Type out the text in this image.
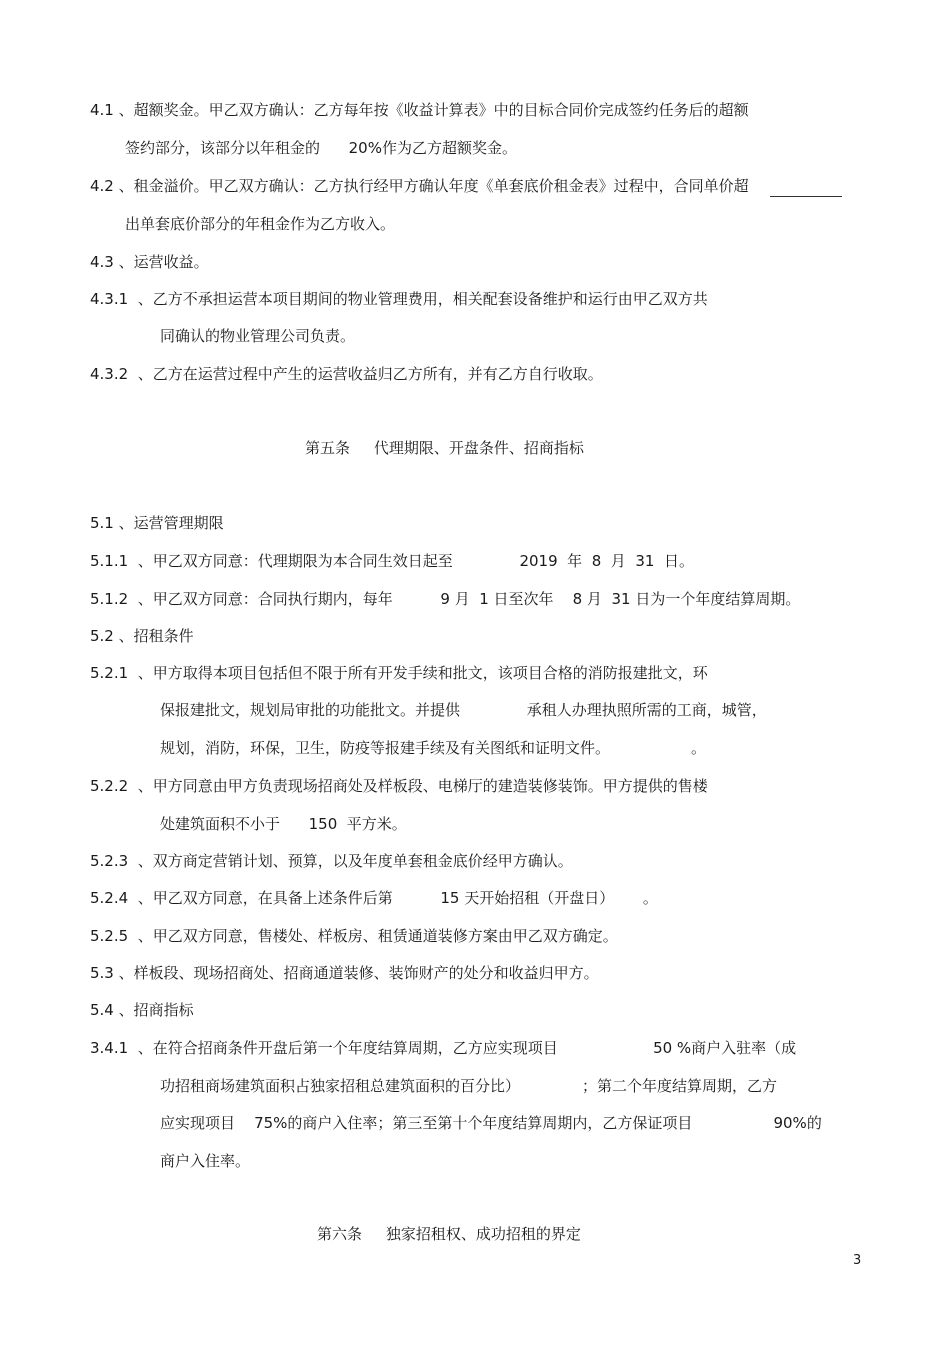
4.1 、超额奖金。甲乙双方确认：乙方每年按《收益计算表》中的目标合同价完成签约任务后的超额
签约部分，该部分以年租金的      20%作为乙方超额奖金。
4.2 、租金溢价。甲乙双方确认：乙方执行经甲方确认年度《单套底价租金表》过程中，合同单价超
出单套底价部分的年租金作为乙方收入。
4.3 、运营收益。
4.3.1  、乙方不承担运营本项目期间的物业管理费用，相关配套设备维护和运行由甲乙双方共
同确认的物业管理公司负责。
4.3.2  、乙方在运营过程中产生的运营收益归乙方所有，并有乙方自行收取。
第五条     代理期限、开盘条件、招商指标
5.1 、运营管理期限
5.1.1  、甲乙双方同意：代理期限为本合同生效日起至              2019  年  8  月  31  日。
5.1.2  、甲乙双方同意：合同执行期内，每年          9 月  1 日至次年    8 月  31 日为一个年度结算周期。
5.2 、招租条件
5.2.1  、甲方取得本项目包括但不限于所有开发手续和批文，该项目合格的消防报建批文，环
保报建批文，规划局审批的功能批文。并提供              承租人办理执照所需的工商，城管，
规划，消防，环保，卫生，防疫等报建手续及有关图纸和证明文件。                 。
5.2.2  、甲方同意由甲方负责现场招商处及样板段、电梯厅的建造装修装饰。甲方提供的售楼
处建筑面积不小于      150  平方米。
5.2.3  、双方商定营销计划、预算，以及年度单套租金底价经甲方确认。
5.2.4  、甲乙双方同意，在具备上述条件后第          15 天开始招租（开盘日）      。
5.2.5  、甲乙双方同意，售楼处、样板房、租赁通道装修方案由甲乙双方确定。
5.3 、样板段、现场招商处、招商通道装修、装饰财产的处分和收益归甲方。
5.4 、招商指标
3.4.1  、在符合招商条件开盘后第一个年度结算周期，乙方应实现项目                    50 %商户入驻率（成
功招租商场建筑面积占独家招租总建筑面积的百分比）             ；第二个年度结算周期，乙方
应实现项目    75%的商户入住率；第三至第十个年度结算周期内，乙方保证项目                 90%的
商户入住率。
第六条     独家招租权、成功招租的界定
3
